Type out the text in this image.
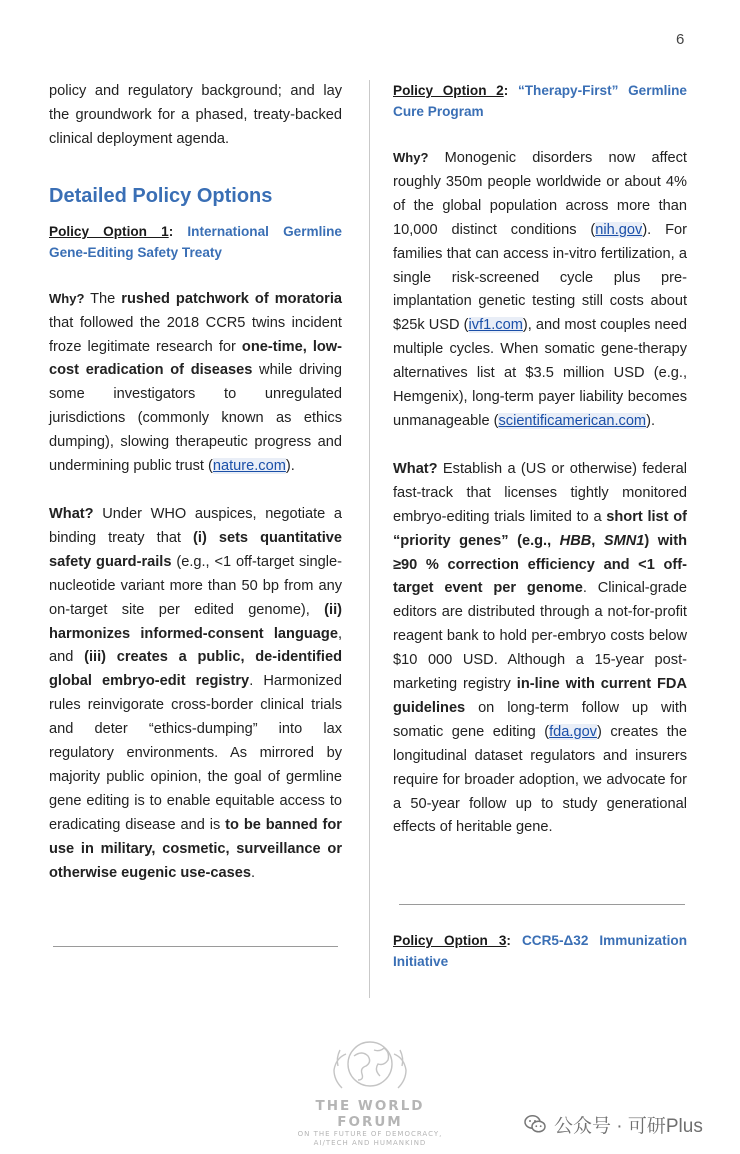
6

policy and regulatory background; and lay the groundwork for a phased, treaty-backed clinical deployment agenda.

Detailed Policy Options

Policy Option 1: International Germline Gene-Editing Safety Treaty

Why? The rushed patchwork of moratoria that followed the 2018 CCR5 twins incident froze legitimate research for one-time, low-cost eradication of diseases while driving some investigators to unregulated jurisdictions (commonly known as ethics dumping), slowing therapeutic progress and undermining public trust (nature.com).

What? Under WHO auspices, negotiate a binding treaty that (i) sets quantitative safety guard-rails (e.g., <1 off-target single-nucleotide variant more than 50 bp from any on-target site per edited genome), (ii) harmonizes informed-consent language, and (iii) creates a public, de-identified global embryo-edit registry. Harmonized rules reinvigorate cross-border clinical trials and deter “ethics-dumping” into lax regulatory environments. As mirrored by majority public opinion, the goal of germline gene editing is to enable equitable access to eradicating disease and is to be banned for use in military, cosmetic, surveillance or otherwise eugenic use-cases.

Policy Option 2: “Therapy-First” Germline Cure Program

Why? Monogenic disorders now affect roughly 350m people worldwide or about 4% of the global population across more than 10,000 distinct conditions (nih.gov). For families that can access in-vitro fertilization, a single risk-screened cycle plus pre-implantation genetic testing still costs about $25k USD (ivf1.com), and most couples need multiple cycles. When somatic gene-therapy alternatives list at $3.5 million USD (e.g., Hemgenix), long-term payer liability becomes unmanageable (scientificamerican.com).

What? Establish a (US or otherwise) federal fast-track that licenses tightly monitored embryo-editing trials limited to a short list of “priority genes” (e.g., HBB, SMN1) with ≥90 % correction efficiency and <1 off-target event per genome. Clinical-grade editors are distributed through a not-for-profit reagent bank to hold per-embryo costs below $10 000 USD. Although a 15-year post-marketing registry in-line with current FDA guidelines on long-term follow up with somatic gene editing (fda.gov) creates the longitudinal dataset regulators and insurers require for broader adoption, we advocate for a 50-year follow up to study generational effects of heritable gene.

Policy Option 3: CCR5-Δ32 Immunization Initiative

THE WORLD FORUM
ON THE FUTURE OF DEMOCRACY,
AI/TECH AND HUMANKIND
公众号 · 可研Plus
